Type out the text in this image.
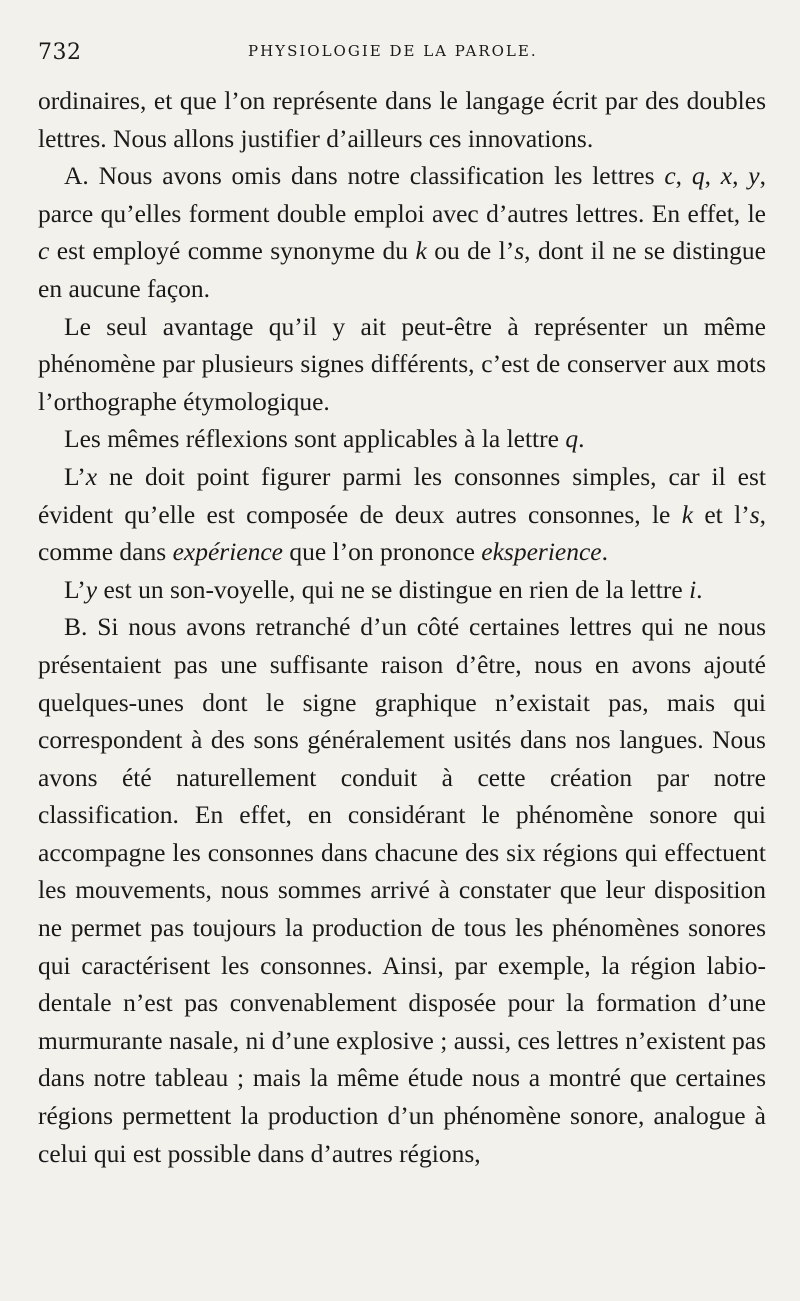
732	PHYSIOLOGIE DE LA PAROLE.

ordinaires, et que l’on représente dans le langage écrit par des doubles lettres. Nous allons justifier d’ailleurs ces innovations.

A. Nous avons omis dans notre classification les lettres c, q, x, y, parce qu’elles forment double emploi avec d’autres lettres. En effet, le c est employé comme synonyme du k ou de l’s, dont il ne se distingue en aucune façon.

Le seul avantage qu’il y ait peut-être à représenter un même phénomène par plusieurs signes différents, c’est de conserver aux mots l’orthographe étymologique.

Les mêmes réflexions sont applicables à la lettre q.

L’x ne doit point figurer parmi les consonnes simples, car il est évident qu’elle est composée de deux autres consonnes, le k et l’s, comme dans expérience que l’on prononce eksperience.

L’y est un son-voyelle, qui ne se distingue en rien de la lettre i.

B. Si nous avons retranché d’un côté certaines lettres qui ne nous présentaient pas une suffisante raison d’être, nous en avons ajouté quelques-unes dont le signe graphique n’existait pas, mais qui correspondent à des sons généralement usités dans nos langues. Nous avons été naturellement conduit à cette création par notre classification. En effet, en considérant le phénomène sonore qui accompagne les consonnes dans chacune des six régions qui effectuent les mouvements, nous sommes arrivé à constater que leur disposition ne permet pas toujours la production de tous les phénomènes sonores qui caractérisent les consonnes. Ainsi, par exemple, la région labio-dentale n’est pas convenablement disposée pour la formation d’une murmurante nasale, ni d’une explosive ; aussi, ces lettres n’existent pas dans notre tableau ; mais la même étude nous a montré que certaines régions permettent la production d’un phénomène sonore, analogue à celui qui est possible dans d’autres régions,
